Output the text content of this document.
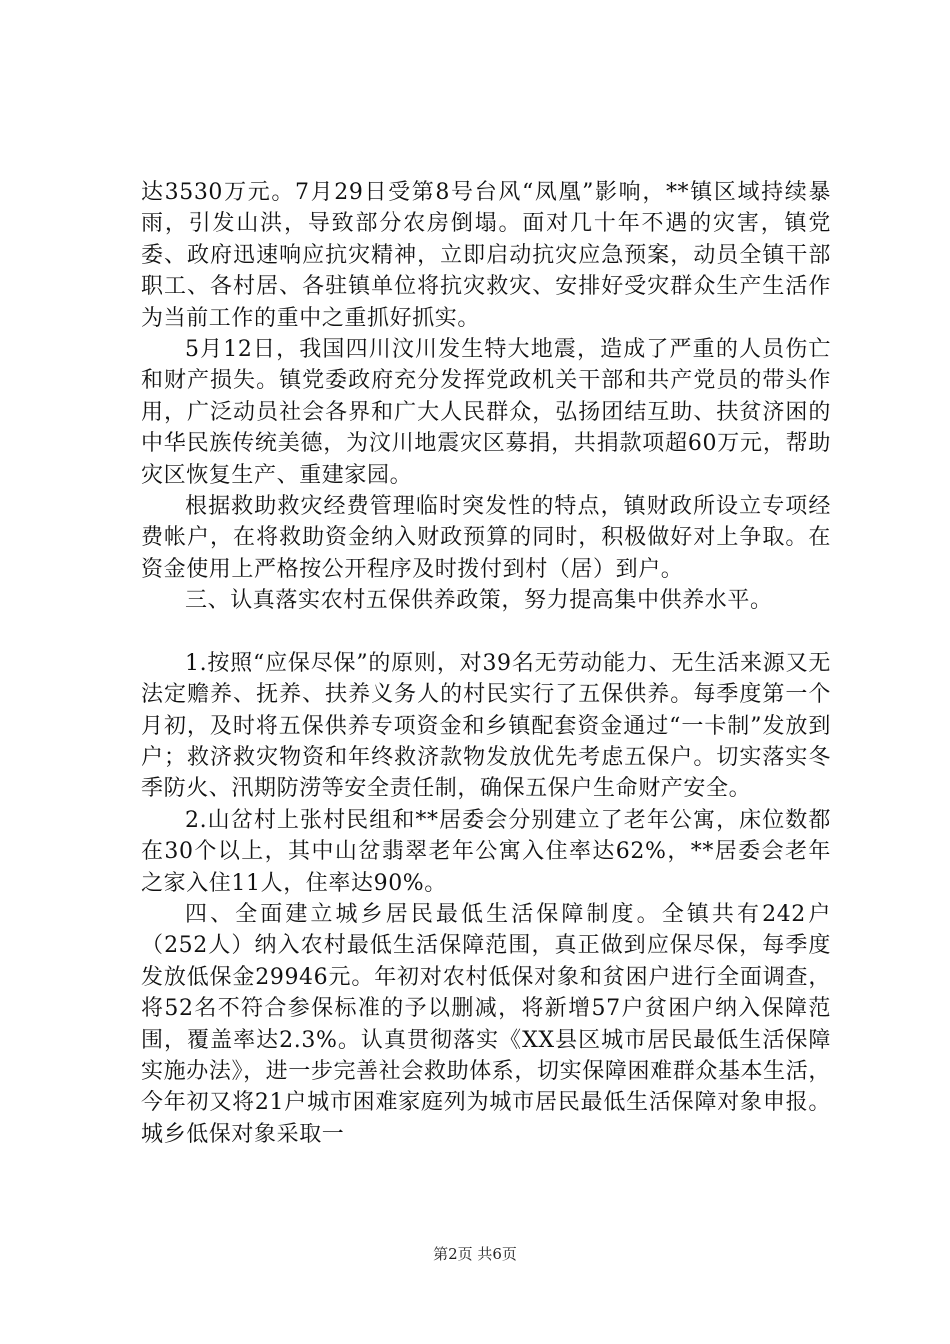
达3530万元。7月29日受第8号台风“凤凰”影响，**镇区域持续暴雨，引发山洪，导致部分农房倒塌。面对几十年不遇的灾害，镇党委、政府迅速响应抗灾精神，立即启动抗灾应急预案，动员全镇干部职工、各村居、各驻镇单位将抗灾救灾、安排好受灾群众生产生活作为当前工作的重中之重抓好抓实。

5月12日，我国四川汶川发生特大地震，造成了严重的人员伤亡和财产损失。镇党委政府充分发挥党政机关干部和共产党员的带头作用，广泛动员社会各界和广大人民群众，弘扬团结互助、扶贫济困的中华民族传统美德，为汶川地震灾区募捐，共捐款项超60万元，帮助灾区恢复生产、重建家园。

根据救助救灾经费管理临时突发性的特点，镇财政所设立专项经费帐户，在将救助资金纳入财政预算的同时，积极做好对上争取。在资金使用上严格按公开程序及时拨付到村（居）到户。

三、认真落实农村五保供养政策，努力提高集中供养水平。

1.按照“应保尽保”的原则，对39名无劳动能力、无生活来源又无法定赡养、抚养、扶养义务人的村民实行了五保供养。每季度第一个月初，及时将五保供养专项资金和乡镇配套资金通过“一卡制”发放到户；救济救灾物资和年终救济款物发放优先考虑五保户。切实落实冬季防火、汛期防涝等安全责任制，确保五保户生命财产安全。

2.山岔村上张村民组和**居委会分别建立了老年公寓，床位数都在30个以上，其中山岔翡翠老年公寓入住率达62%，**居委会老年之家入住11人，住率达90%。

四、全面建立城乡居民最低生活保障制度。全镇共有242户（252人）纳入农村最低生活保障范围，真正做到应保尽保，每季度发放低保金29946元。年初对农村低保对象和贫困户进行全面调查，将52名不符合参保标准的予以删减，将新增57户贫困户纳入保障范围，覆盖率达2.3%。认真贯彻落实《XX县区城市居民最低生活保障实施办法》，进一步完善社会救助体系，切实保障困难群众基本生活，今年初又将21户城市困难家庭列为城市居民最低生活保障对象申报。城乡低保对象采取一

第2页 共6页
